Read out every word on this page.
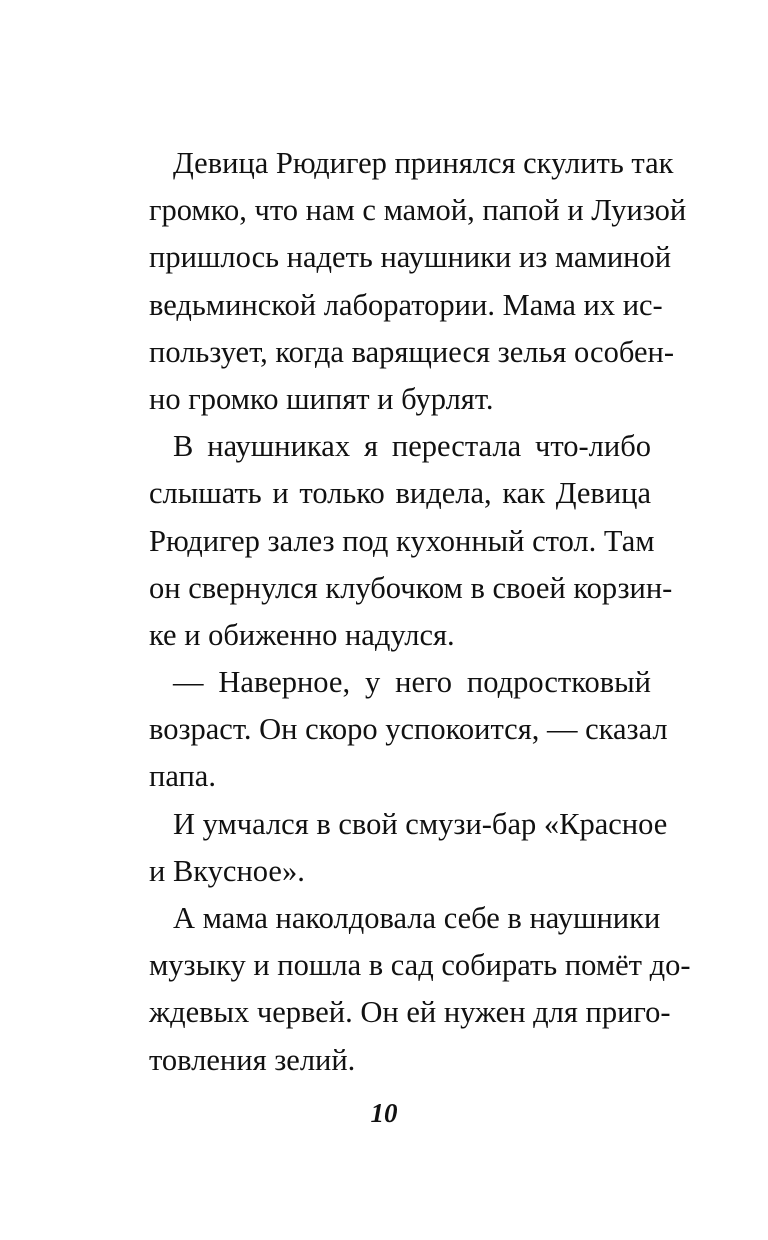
Девица Рюдигер принялся скулить так
громко, что нам с мамой, папой и Луизой
пришлось надеть наушники из маминой
ведьминской лаборатории. Мама их ис-
пользует, когда варящиеся зелья особен-
но громко шипят и бурлят.

В наушниках я перестала что-либо
слышать и только видела, как Девица
Рюдигер залез под кухонный стол. Там
он свернулся клубочком в своей корзин-
ке и обиженно надулся.

— Наверное, у него подростковый
возраст. Он скоро успокоится, — сказал
папа.

И умчался в свой смузи-бар «Красное
и Вкусное».

А мама наколдовала себе в наушники
музыку и пошла в сад собирать помёт до-
ждевых червей. Он ей нужен для приго-
товления зелий.

10
